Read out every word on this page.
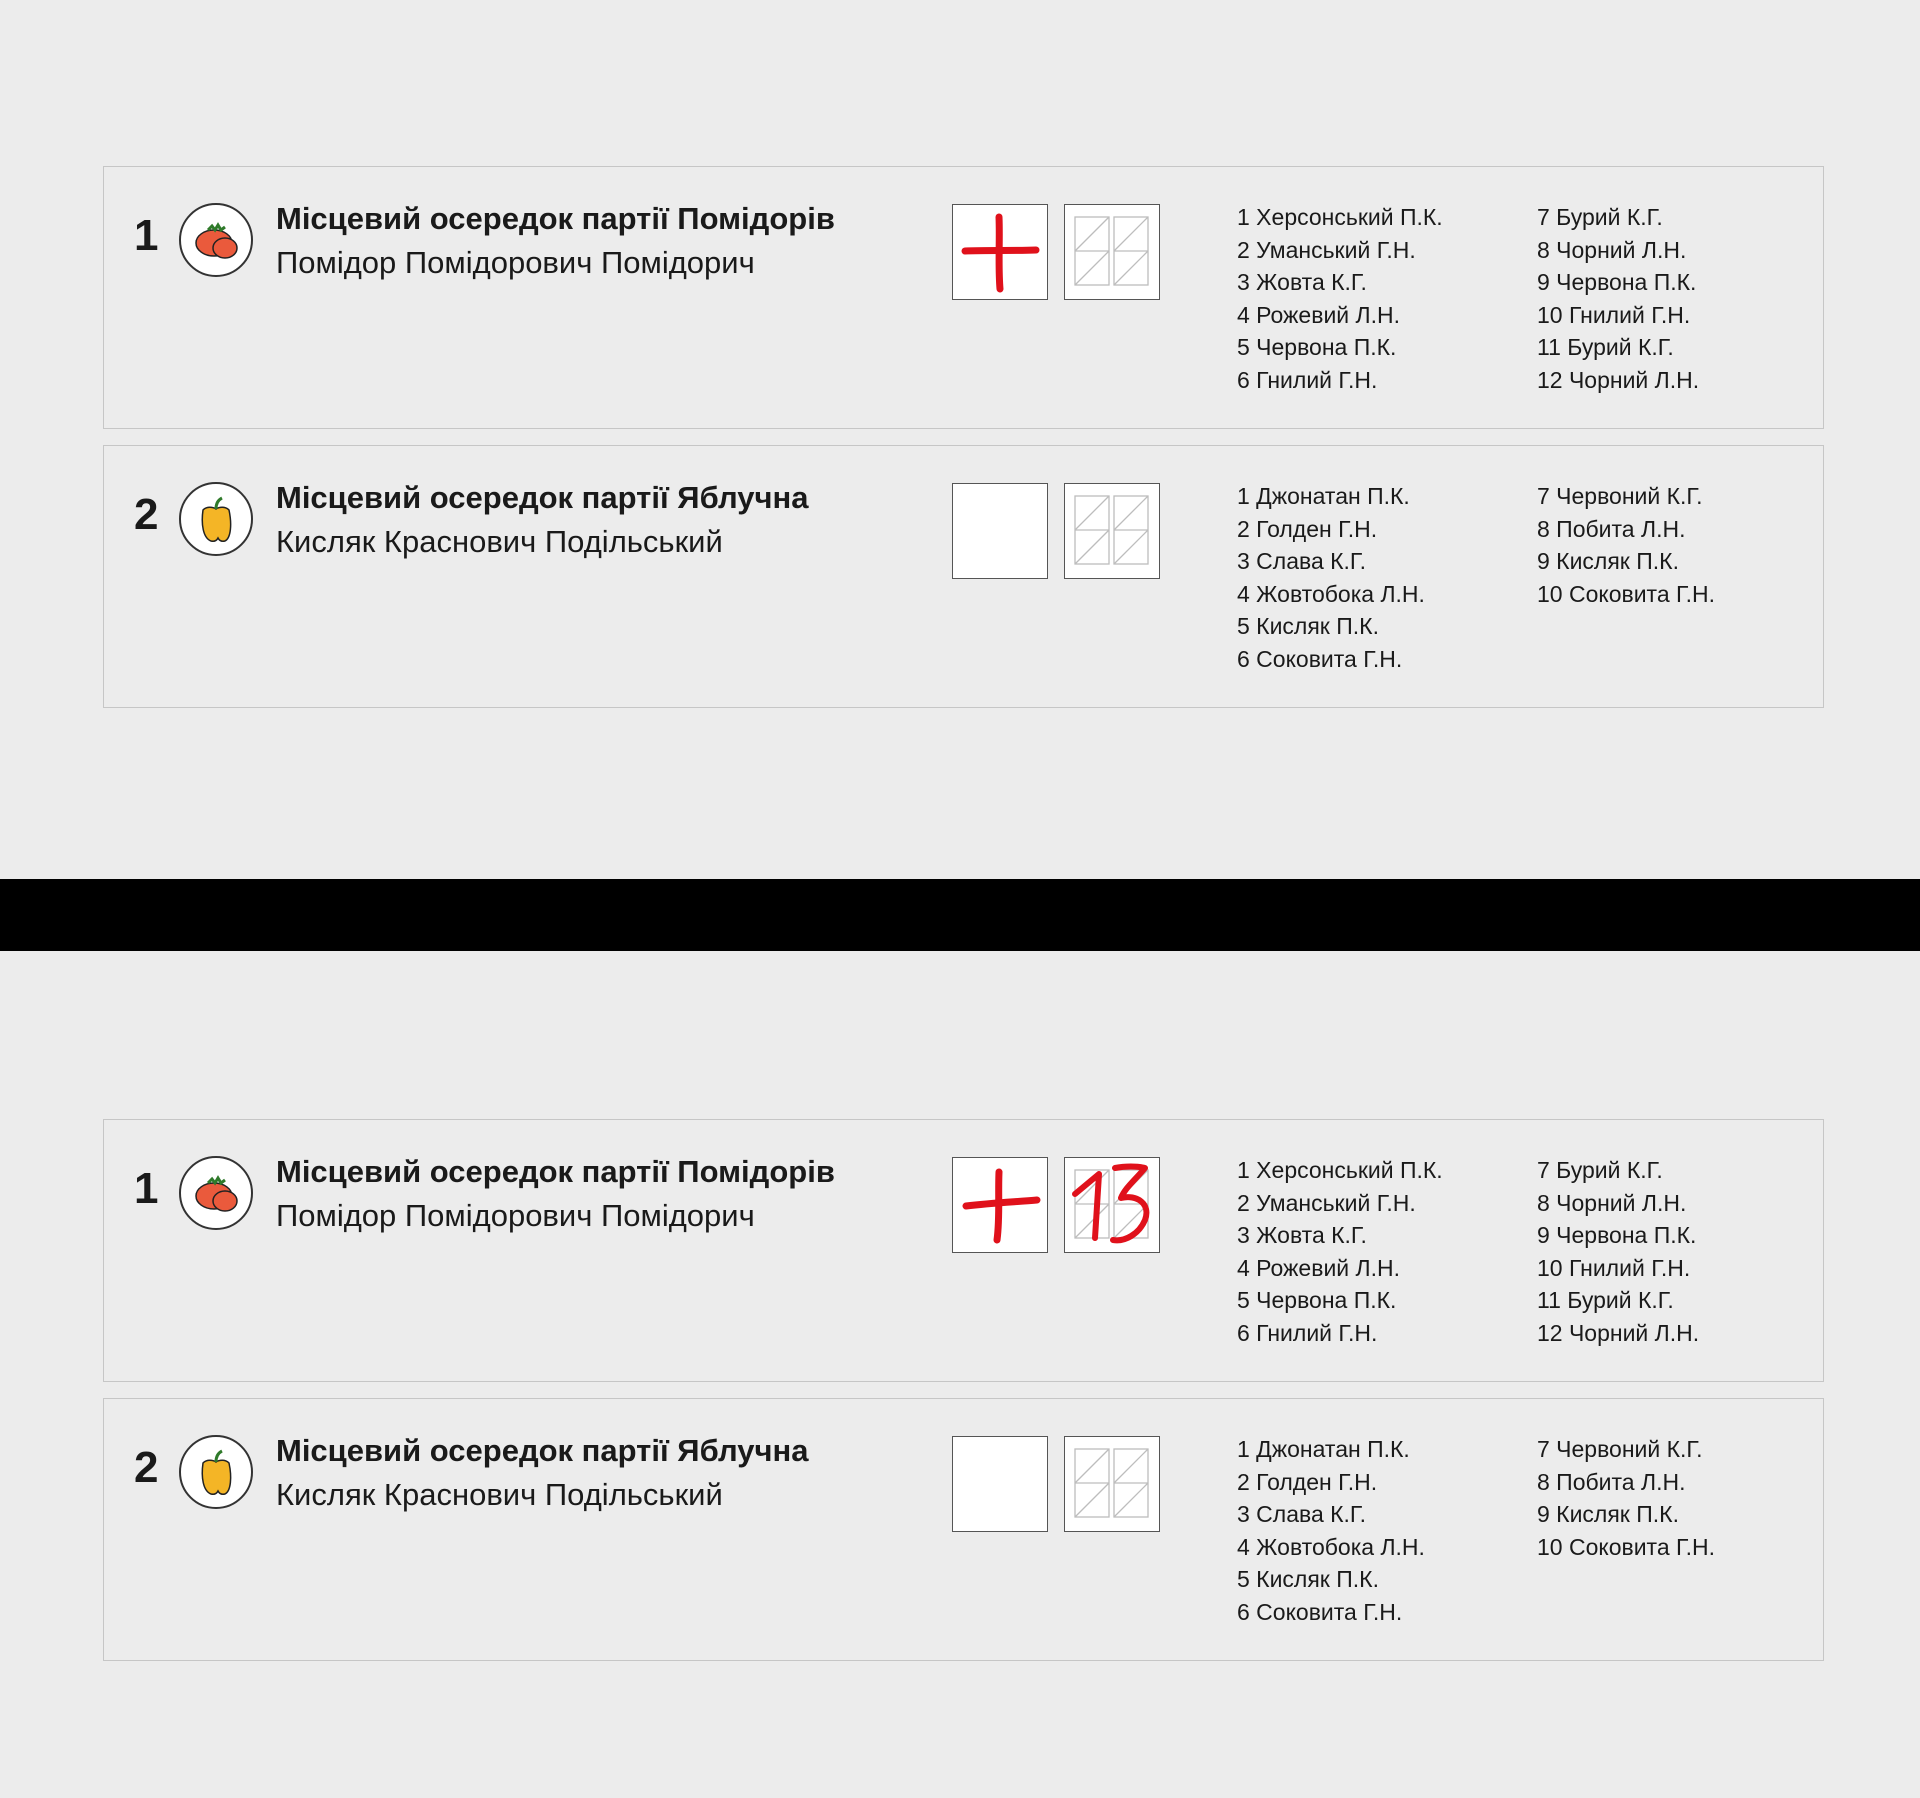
1	Місцевий осередок партії Помідорів
Помідор Помідорович Помідорич
1 Херсонський П.К.
2 Уманський Г.Н.
3 Жовта К.Г.
4 Рожевий Л.Н.
5 Червона П.К.
6 Гнилий Г.Н.
7 Бурий К.Г.
8 Чорний Л.Н.
9 Червона П.К.
10 Гнилий Г.Н.
11 Бурий К.Г.
12 Чорний Л.Н.
2	Місцевий осередок партії Яблучна
Кисляк Краснович Подільський
1 Джонатан П.К.
2 Голден Г.Н.
3 Слава К.Г.
4 Жовтобока Л.Н.
5 Кисляк П.К.
6 Соковита Г.Н.
7 Червоний К.Г.
8 Побита Л.Н.
9 Кисляк П.К.
10 Соковита Г.Н.
1	Місцевий осередок партії Помідорів
Помідор Помідорович Помідорич
1 Херсонський П.К.
2 Уманський Г.Н.
3 Жовта К.Г.
4 Рожевий Л.Н.
5 Червона П.К.
6 Гнилий Г.Н.
7 Бурий К.Г.
8 Чорний Л.Н.
9 Червона П.К.
10 Гнилий Г.Н.
11 Бурий К.Г.
12 Чорний Л.Н.
2	Місцевий осередок партії Яблучна
Кисляк Краснович Подільський
1 Джонатан П.К.
2 Голден Г.Н.
3 Слава К.Г.
4 Жовтобока Л.Н.
5 Кисляк П.К.
6 Соковита Г.Н.
7 Червоний К.Г.
8 Побита Л.Н.
9 Кисляк П.К.
10 Соковита Г.Н.
